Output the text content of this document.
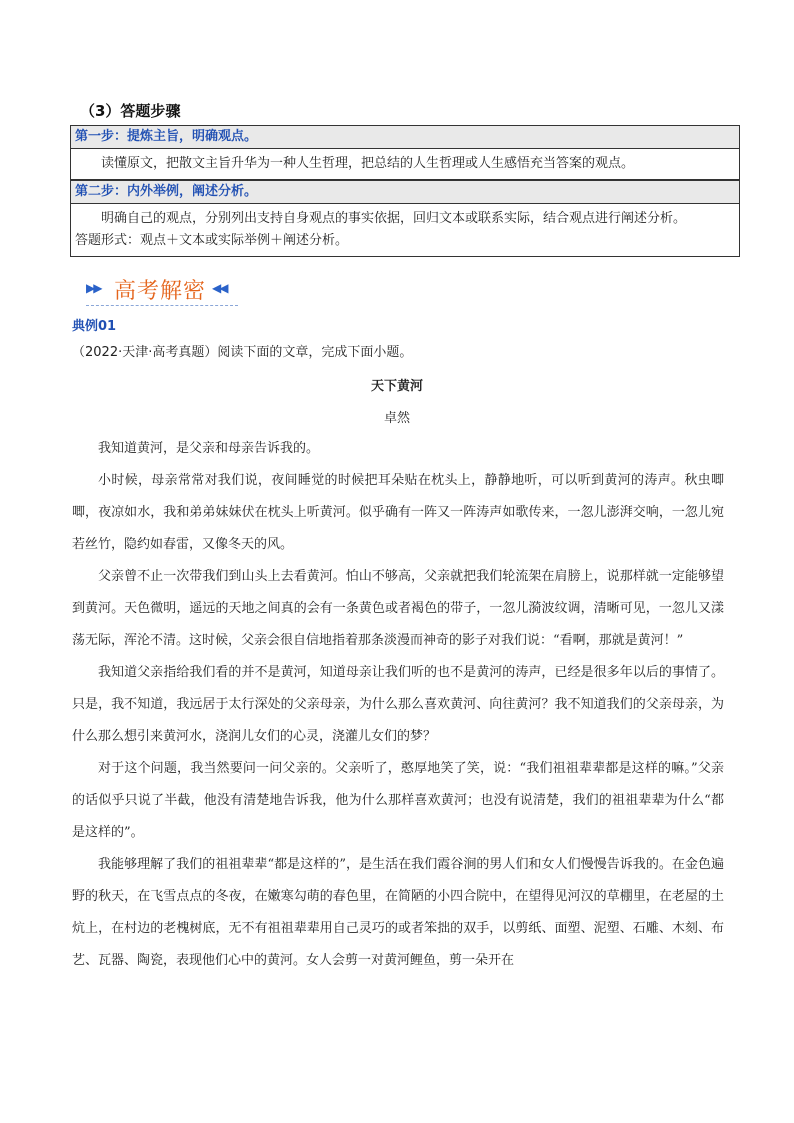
（3）答题步骤
第一步：提炼主旨，明确观点。

读懂原文，把散文主旨升华为一种人生哲理，把总结的人生哲理或人生感悟充当答案的观点。

第二步：内外举例，阐述分析。

明确自己的观点，分别列出支持自身观点的事实依据，回归文本或联系实际，结合观点进行阐述分析。

答题形式：观点＋文本或实际举例＋阐述分析。

▶▶ 高考解密 ◀◀
典例01
（2022·天津·高考真题）阅读下面的文章，完成下面小题。
天下黄河
卓然

我知道黄河，是父亲和母亲告诉我的。

小时候，母亲常常对我们说，夜间睡觉的时候把耳朵贴在枕头上，静静地听，可以听到黄河的涛声。秋虫唧唧，夜凉如水，我和弟弟妹妹伏在枕头上听黄河。似乎确有一阵又一阵涛声如歌传来，一忽儿澎湃交响，一忽儿宛若丝竹，隐约如春雷，又像冬天的风。

父亲曾不止一次带我们到山头上去看黄河。怕山不够高，父亲就把我们轮流架在肩膀上，说那样就一定能够望到黄河。天色微明，遥远的天地之间真的会有一条黄色或者褐色的带子，一忽儿漪波纹调，清晰可见，一忽儿又漾荡无际，浑沦不清。这时候，父亲会很自信地指着那条淡漫而神奇的影子对我们说：“看啊，那就是黄河！”

我知道父亲指给我们看的并不是黄河，知道母亲让我们听的也不是黄河的涛声，已经是很多年以后的事情了。只是，我不知道，我远居于太行深处的父亲母亲，为什么那么喜欢黄河、向往黄河？我不知道我们的父亲母亲，为什么那么想引来黄河水，浇润儿女们的心灵，浇灌儿女们的梦？

对于这个问题，我当然要问一问父亲的。父亲听了，憨厚地笑了笑，说：“我们祖祖辈辈都是这样的嘛。”父亲的话似乎只说了半截，他没有清楚地告诉我，他为什么那样喜欢黄河；也没有说清楚，我们的祖祖辈辈为什么“都是这样的”。

我能够理解了我们的祖祖辈辈“都是这样的”，是生活在我们霞谷涧的男人们和女人们慢慢告诉我的。在金色遍野的秋天，在飞雪点点的冬夜，在嫩寒勾萌的春色里，在简陋的小四合院中，在望得见河汉的草棚里，在老屋的土炕上，在村边的老槐树底，无不有祖祖辈辈用自己灵巧的或者笨拙的双手，以剪纸、面塑、泥塑、石雕、木刻、布艺、瓦器、陶瓷，表现他们心中的黄河。女人会剪一对黄河鲤鱼，剪一朵开在
